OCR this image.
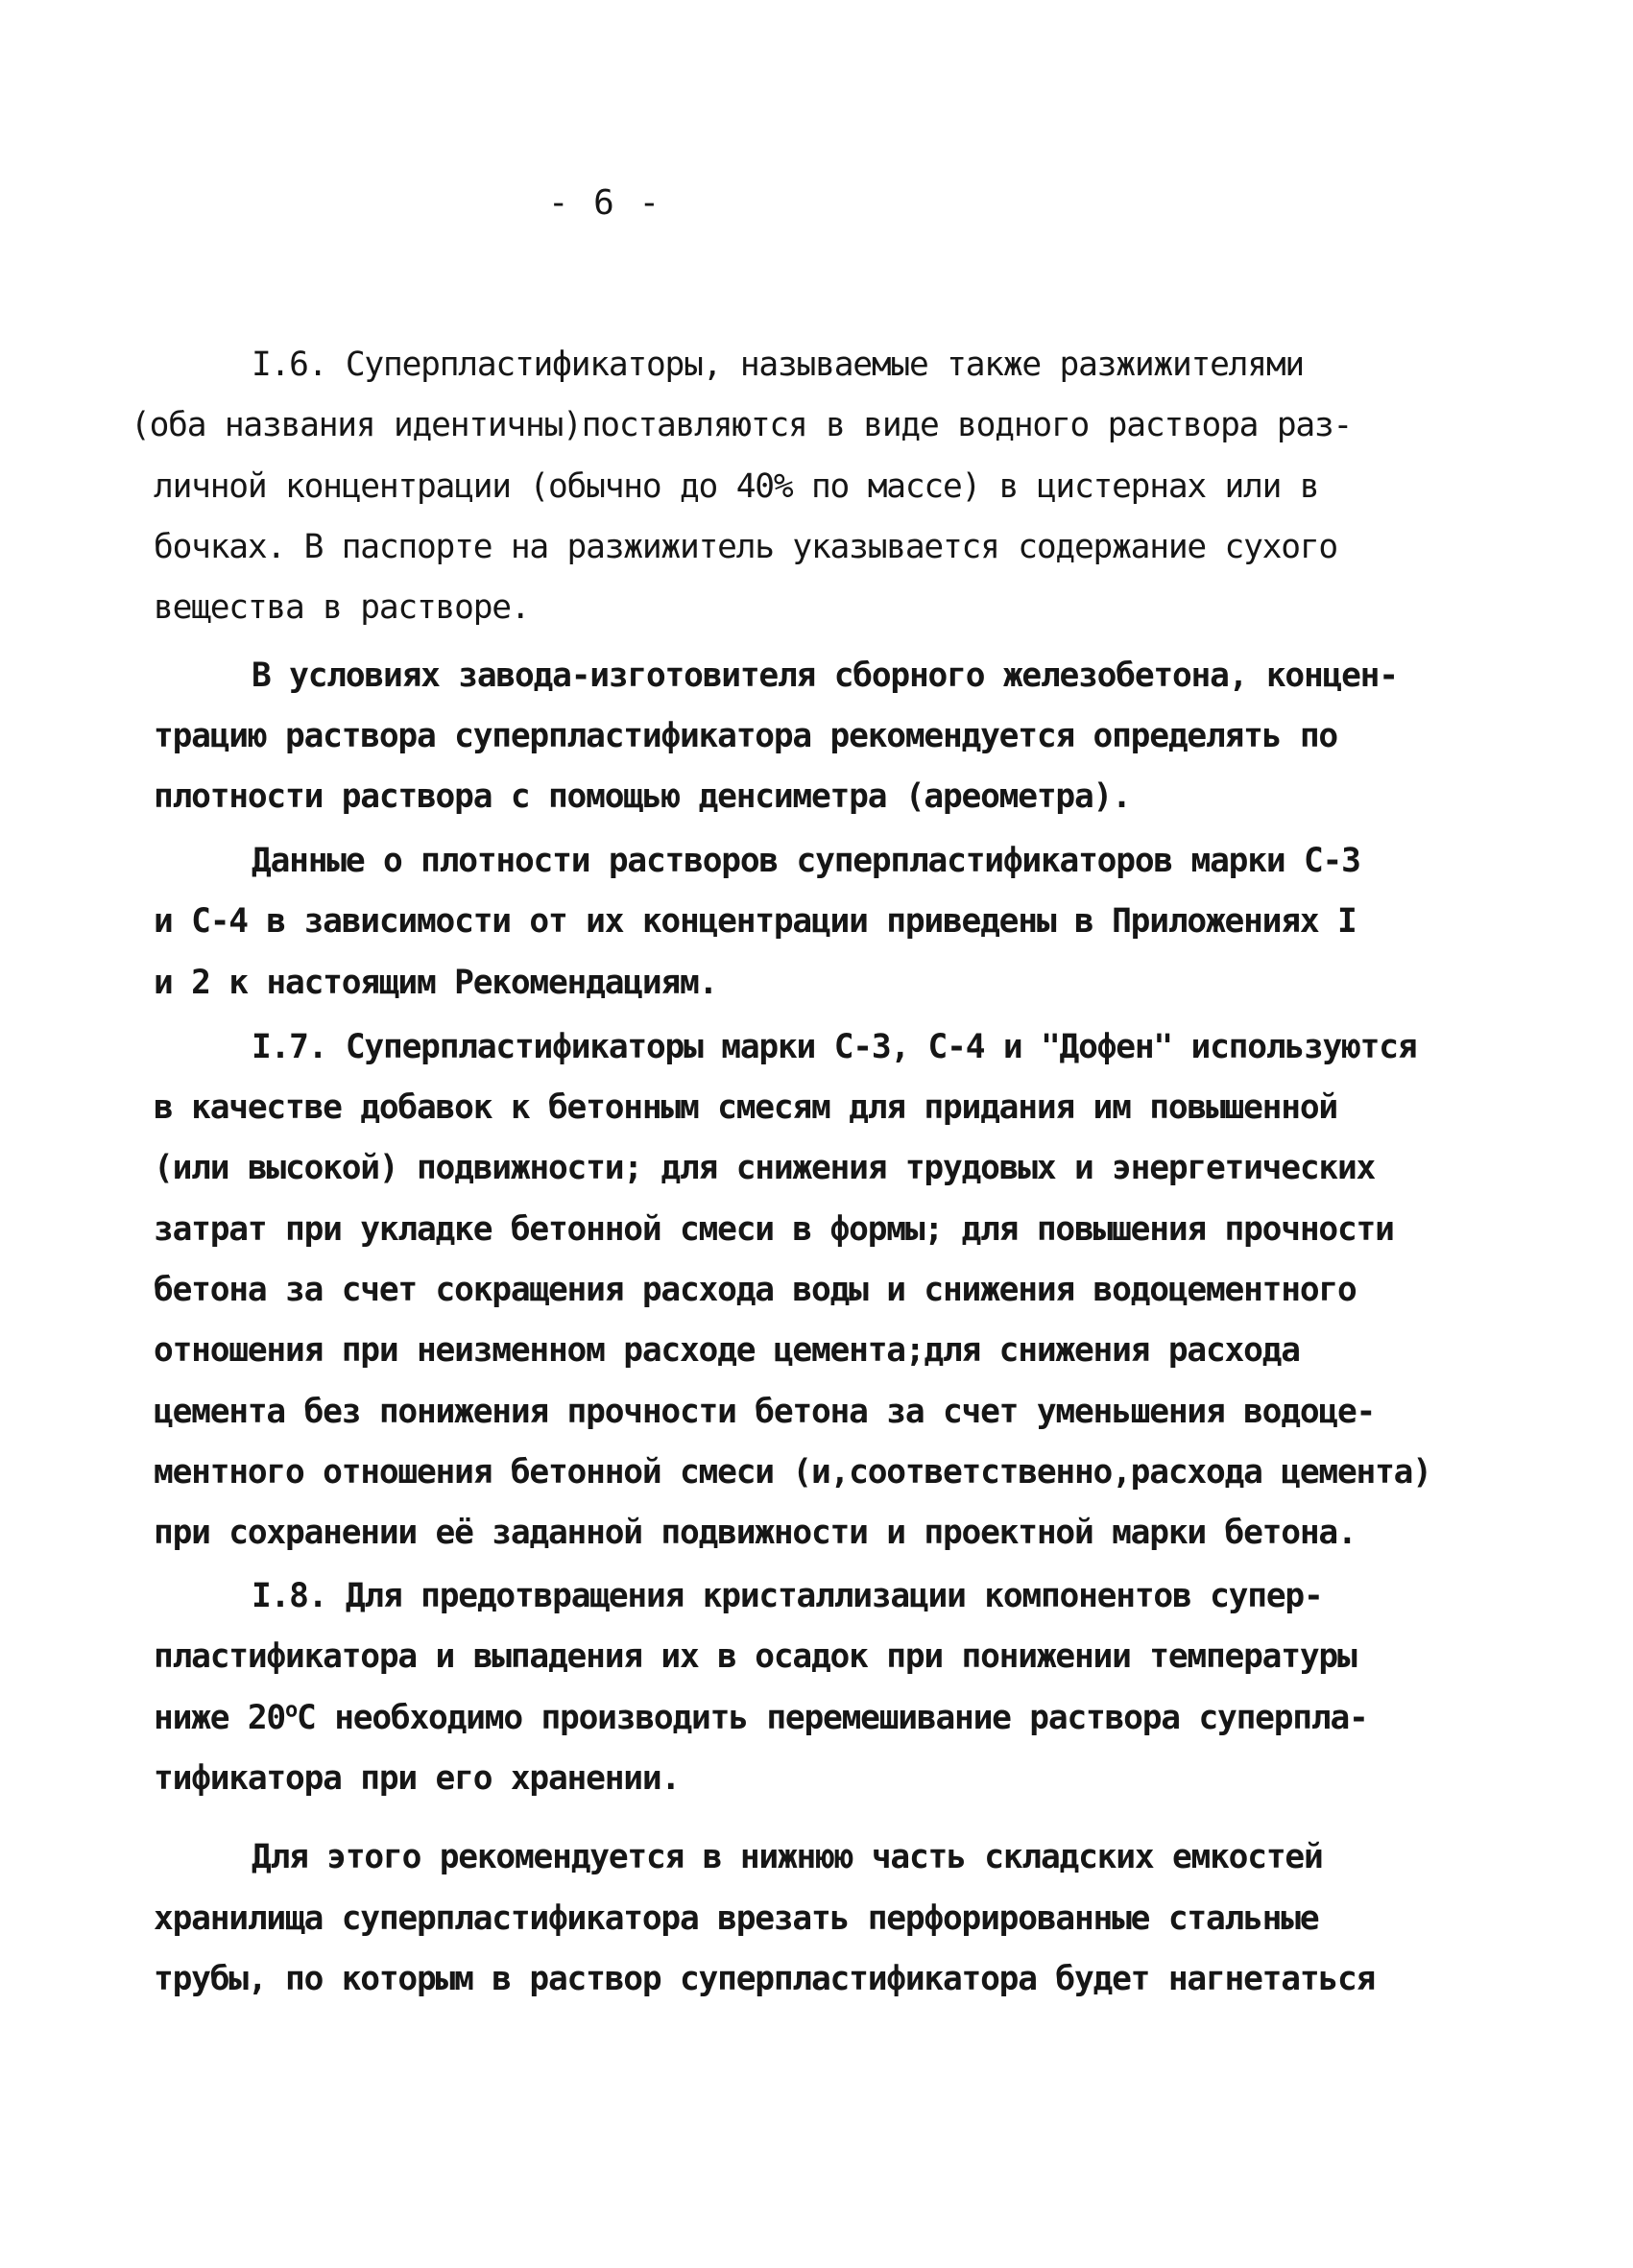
- 6 -
I.6. Суперпластификаторы, называемые также разжижителями
(оба названия идентичны)поставляются в виде водного раствора раз-
личной концентрации (обычно до 40% по массе) в цистернах или в
бочках. В паспорте на разжижитель указывается содержание сухого
вещества в растворе.
В условиях завода-изготовителя сборного железобетона, концен-
трацию раствора суперпластификатора рекомендуется определять по
плотности раствора с помощью денсиметра (ареометра).
Данные о плотности растворов суперпластификаторов марки С-3
и С-4 в зависимости от их концентрации приведены в Приложениях I
и 2 к настоящим Рекомендациям.
I.7. Суперпластификаторы марки С-3, С-4 и "Дофен" используются
в качестве добавок к бетонным смесям для придания им повышенной
(или высокой) подвижности; для снижения трудовых и энергетических
затрат при укладке бетонной смеси в формы; для повышения прочности
бетона за счет сокращения расхода воды и снижения водоцементного
отношения при неизменном расходе цемента;для снижения расхода
цемента без понижения прочности бетона за счет уменьшения водоце-
ментного отношения бетонной смеси (и,соответственно,расхода цемента)
при сохранении её заданной подвижности и проектной марки бетона.
I.8. Для предотвращения кристаллизации компонентов супер-
пластификатора и выпадения их в осадок при понижении температуры
ниже $20^оС$ необходимо производить перемешивание раствора суперпла-
тификатора при его хранении.
Для этого рекомендуется в нижнюю часть складских емкостей
хранилища суперпластификатора врезать перфорированные стальные
трубы, по которым в раствор суперпластификатора будет нагнетаться
